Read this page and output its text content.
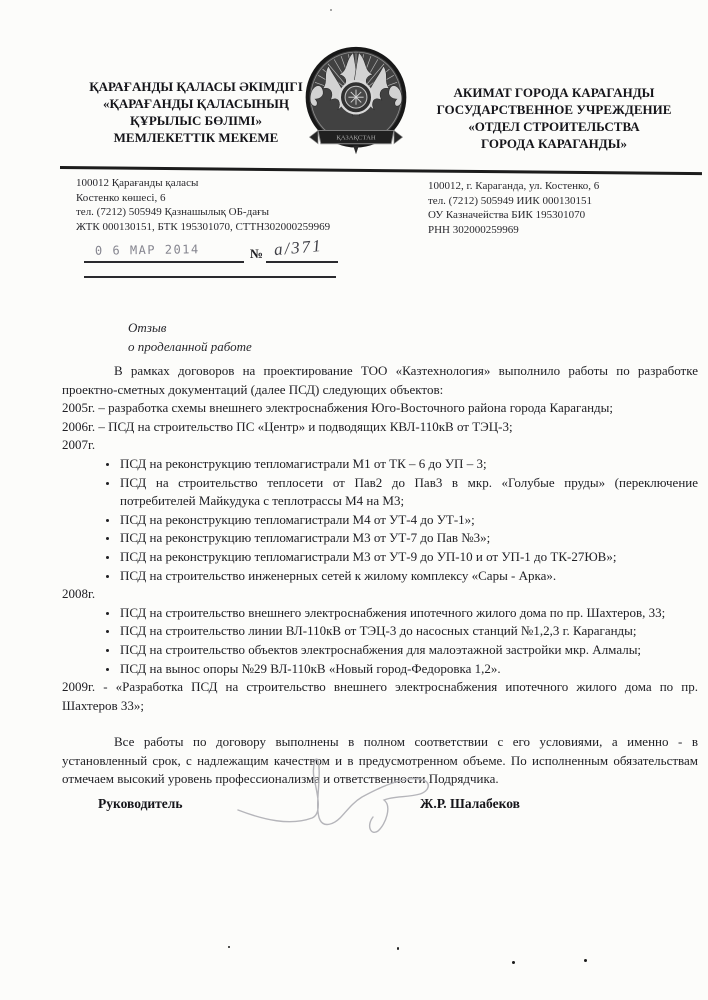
ҚАРАҒАНДЫ ҚАЛАСЫ ӘКІМДІГІ
«ҚАРАҒАНДЫ ҚАЛАСЫНЫҢ
ҚҰРЫЛЫС БӨЛІМІ»
МЕМЛЕКЕТТІК МЕКЕМЕ	ҚАЗАҚСТАН
АКИМАТ ГОРОДА КАРАГАНДЫ
ГОСУДАРСТВЕННОЕ УЧРЕЖДЕНИЕ
«ОТДЕЛ СТРОИТЕЛЬСТВА
ГОРОДА КАРАГАНДЫ»
100012 Қарағанды қаласы
Костенко көшесі, 6
тел. (7212) 505949 Қазнашылық ОБ-дағы
ЖТК 000130151, БТК 195301070, СТТН302000259969
100012, г. Караганда, ул. Костенко, 6
тел. (7212) 505949 ИИК 000130151
ОУ Казначейства БИК 195301070
РНН 302000259969
0 6 МАР 2014	№ а/371
Отзыв
о проделанной работе
В рамках договоров на проектирование ТОО «Казтехнология» выполнило работы по разработке проектно-сметных документаций (далее ПСД) следующих объектов:
2005г. – разработка схемы внешнего электроснабжения Юго-Восточного района города Караганды;
2006г. – ПСД на строительство ПС «Центр» и подводящих КВЛ-110кВ от ТЭЦ-3;
2007г.
• ПСД на реконструкцию тепломагистрали М1 от ТК – 6 до УП – 3;
• ПСД на строительство теплосети от Пав2 до Пав3 в мкр. «Голубые пруды» (переключение потребителей Майкудука с теплотрассы М4 на М3;
• ПСД на реконструкцию тепломагистрали М4 от УТ-4 до УТ-1»;
• ПСД на реконструкцию тепломагистрали М3 от УТ-7 до Пав №3»;
• ПСД на реконструкцию тепломагистрали М3 от УТ-9 до УП-10 и от УП-1 до ТК-27ЮВ»;
• ПСД на строительство инженерных сетей к жилому комплексу «Сары - Арка».
2008г.
• ПСД на строительство внешнего электроснабжения ипотечного жилого дома по пр. Шахтеров, 33;
• ПСД на строительство линии ВЛ-110кВ от ТЭЦ-3 до насосных станций №1,2,3 г. Караганды;
• ПСД на строительство объектов электроснабжения для малоэтажной застройки мкр. Алмалы;
• ПСД на вынос опоры №29 ВЛ-110кВ «Новый город-Федоровка 1,2».
2009г. - «Разработка ПСД на строительство внешнего электроснабжения ипотечного жилого дома по пр. Шахтеров 33»;
Все работы по договору выполнены в полном соответствии с его условиями, а именно - в установленный срок, с надлежащим качеством и в предусмотренном объеме. По исполненным обязательствам отмечаем высокий уровень профессионализма и ответственности Подрядчика.
Руководитель	Ж.Р. Шалабеков
